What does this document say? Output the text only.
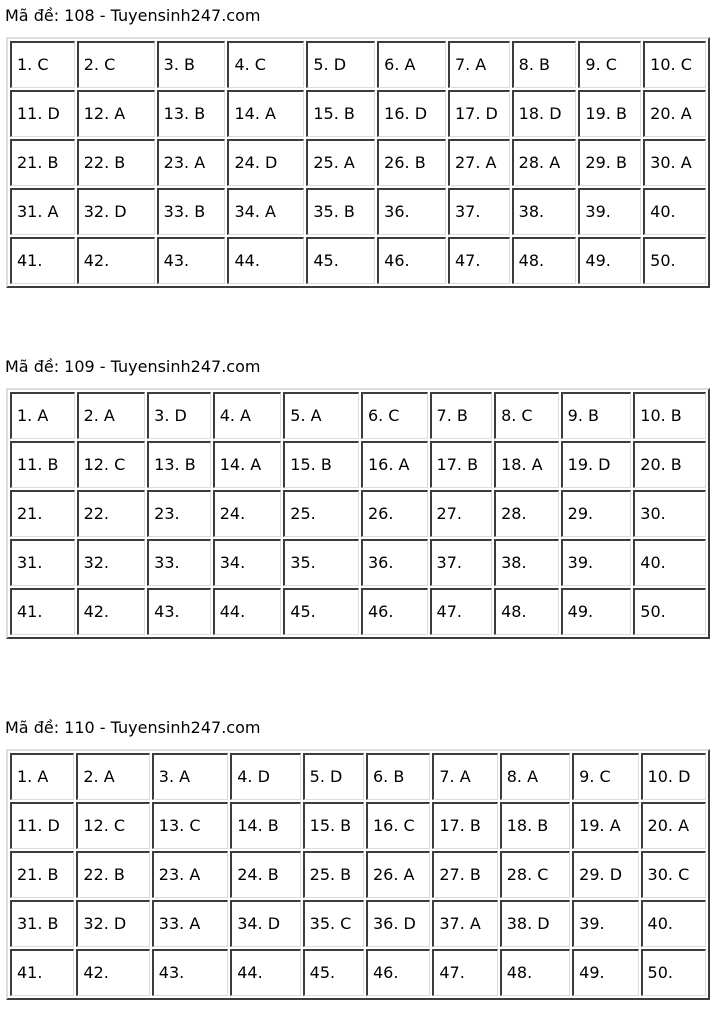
Mã đề: 108 - Tuyensinh247.com
1. C	2. C	3. B	4. C	5. D	6. A	7. A	8. B	9. C	10. C
11. D	12. A	13. B	14. A	15. B	16. D	17. D	18. D	19. B	20. A
21. B	22. B	23. A	24. D	25. A	26. B	27. A	28. A	29. B	30. A
31. A	32. D	33. B	34. A	35. B	36.	37.	38.	39.	40.
41.	42.	43.	44.	45.	46.	47.	48.	49.	50.
Mã đề: 109 - Tuyensinh247.com
1. A	2. A	3. D	4. A	5. A	6. C	7. B	8. C	9. B	10. B
11. B	12. C	13. B	14. A	15. B	16. A	17. B	18. A	19. D	20. B
21.	22.	23.	24.	25.	26.	27.	28.	29.	30.
31.	32.	33.	34.	35.	36.	37.	38.	39.	40.
41.	42.	43.	44.	45.	46.	47.	48.	49.	50.
Mã đề: 110 - Tuyensinh247.com
1. A	2. A	3. A	4. D	5. D	6. B	7. A	8. A	9. C	10. D
11. D	12. C	13. C	14. B	15. B	16. C	17. B	18. B	19. A	20. A
21. B	22. B	23. A	24. B	25. B	26. A	27. B	28. C	29. D	30. C
31. B	32. D	33. A	34. D	35. C	36. D	37. A	38. D	39.	40.
41.	42.	43.	44.	45.	46.	47.	48.	49.	50.
